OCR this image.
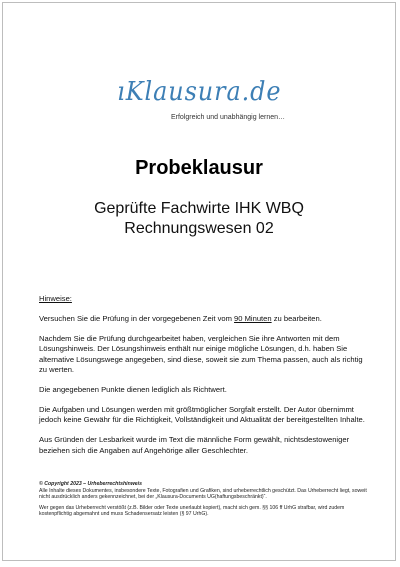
ıKlausura.de
Erfolgreich und unabhängig lernen…
Probeklausur
Geprüfte Fachwirte IHK WBQ
Rechnungswesen 02

Hinweise:

Versuchen Sie die Prüfung in der vorgegebenen Zeit vom 90 Minuten zu bearbeiten.

Nachdem Sie die Prüfung durchgearbeitet haben, vergleichen Sie ihre Antworten mit dem Lösungshinweis. Der Lösungshinweis enthält nur einige mögliche Lösungen, d.h. haben Sie alternative Lösungswege angegeben, sind diese, soweit sie zum Thema passen, auch als richtig zu werten.

Die angegebenen Punkte dienen lediglich als Richtwert.

Die Aufgaben und Lösungen werden mit größtmöglicher Sorgfalt erstellt. Der Autor übernimmt jedoch keine Gewähr für die Richtigkeit, Vollständigkeit und Aktualität der bereitgestellten Inhalte.

Aus Gründen der Lesbarkeit wurde im Text die männliche Form gewählt, nichtsdestoweniger beziehen sich die Angaben auf Angehörige aller Geschlechter.

© Copyright 2023 – Urheberrechtshinweis

Alle Inhalte dieses Dokumentes, insbesondere Texte, Fotografien und Grafiken, sind urheberrechtlich geschützt. Das Urheberrecht liegt, soweit nicht ausdrücklich anders gekennzeichnet, bei der „Klausura-Documents UG(haftungsbeschränkt)“.

Wer gegen das Urheberrecht verstößt (z.B. Bilder oder Texte unerlaubt kopiert), macht sich gem. §§ 106 ff UrhG strafbar, wird zudem kostenpflichtig abgemahnt und muss Schadensersatz leisten (§ 97 UrhG).
